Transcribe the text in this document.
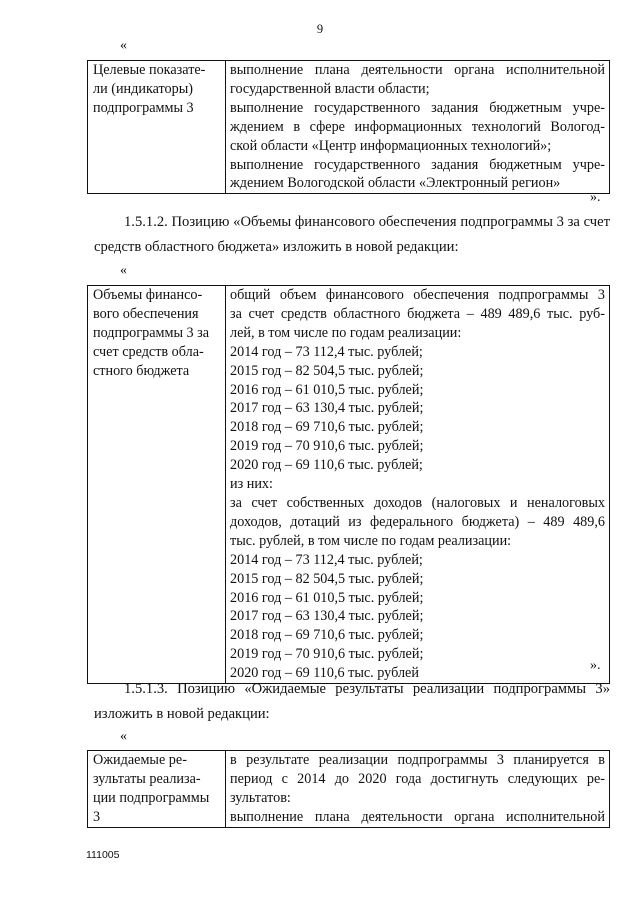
9
«
Целевые показате-
ли (индикаторы)
подпрограммы 3

выполнение плана деятельности органа исполнительной
государственной власти области;
выполнение государственного задания бюджетным учре-
ждением в сфере информационных технологий Вологод-
ской области «Центр информационных технологий»;
выполнение государственного задания бюджетным учре-
ждением Вологодской области «Электронный регион»
».
1.5.1.2. Позицию «Объемы финансового обеспечения подпрограммы 3 за счет средств областного бюджета» изложить в новой редакции:
«
Объемы финансо-
вого обеспечения
подпрограммы 3 за
счет средств обла-
стного бюджета

общий объем финансового обеспечения подпрограммы 3
за счет средств областного бюджета – 489 489,6 тыс. руб-
лей, в том числе по годам реализации:
2014 год – 73 112,4 тыс. рублей;
2015 год – 82 504,5 тыс. рублей;
2016 год – 61 010,5 тыс. рублей;
2017 год – 63 130,4 тыс. рублей;
2018 год – 69 710,6 тыс. рублей;
2019 год – 70 910,6 тыс. рублей;
2020 год – 69 110,6 тыс. рублей;
из них:
за счет собственных доходов (налоговых и неналоговых
доходов, дотаций из федерального бюджета) – 489 489,6
тыс. рублей, в том числе по годам реализации:
2014 год – 73 112,4 тыс. рублей;
2015 год – 82 504,5 тыс. рублей;
2016 год – 61 010,5 тыс. рублей;
2017 год – 63 130,4 тыс. рублей;
2018 год – 69 710,6 тыс. рублей;
2019 год – 70 910,6 тыс. рублей;
2020 год – 69 110,6 тыс. рублей	».
1.5.1.3. Позицию «Ожидаемые результаты реализации подпрограммы 3» изложить в новой редакции:
«
Ожидаемые ре-
зультаты реализа-
ции подпрограммы
3

в результате реализации подпрограммы 3 планируется в
период с 2014 до 2020 года достигнуть следующих ре-
зультатов:
выполнение плана деятельности органа исполнительной
111005
